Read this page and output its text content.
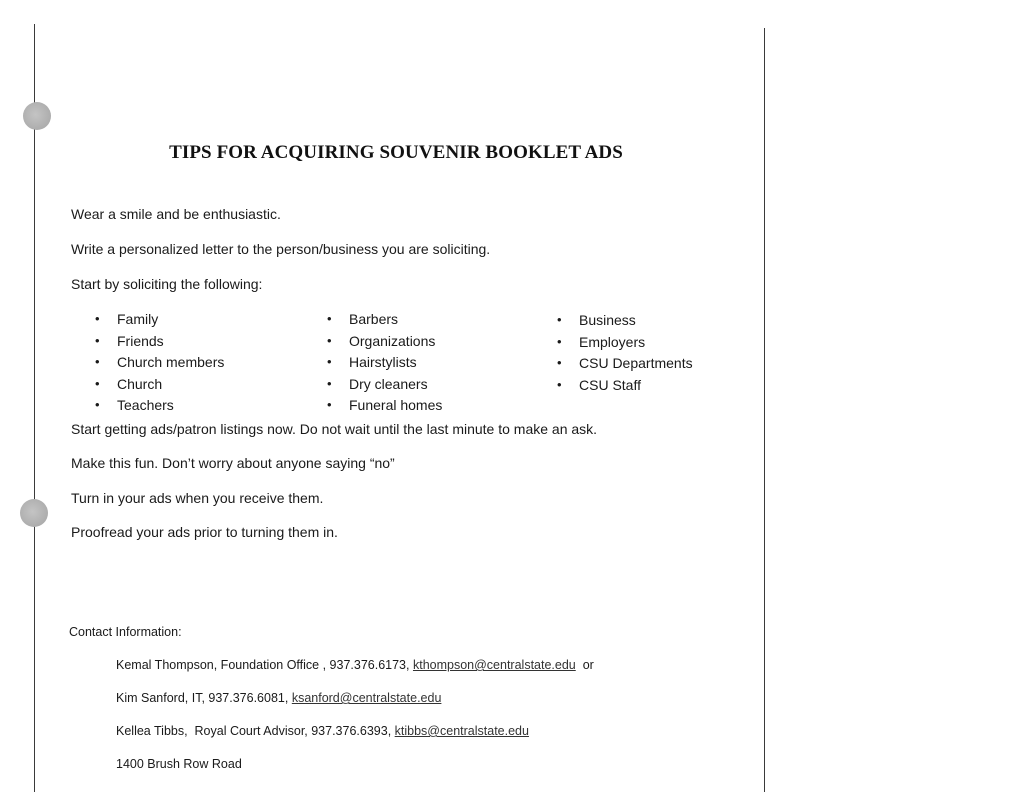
TIPS FOR ACQUIRING SOUVENIR BOOKLET ADS
Wear a smile and be enthusiastic.
Write a personalized letter to the person/business you are soliciting.
Start by soliciting the following:
• Family
• Friends
• Church members
• Church
• Teachers
• Barbers
• Organizations
• Hairstylists
• Dry cleaners
• Funeral homes
• Business
• Employers
• CSU Departments
• CSU Staff
Start getting ads/patron listings now. Do not wait until the last minute to make an ask.
Make this fun. Don’t worry about anyone saying “no”
Turn in your ads when you receive them.
Proofread your ads prior to turning them in.
Contact Information:
Kemal Thompson, Foundation Office , 937.376.6173, kthompson@centralstate.edu  or
Kim Sanford, IT, 937.376.6081, ksanford@centralstate.edu
Kellea Tibbs,  Royal Court Advisor, 937.376.6393, ktibbs@centralstate.edu
1400 Brush Row Road
